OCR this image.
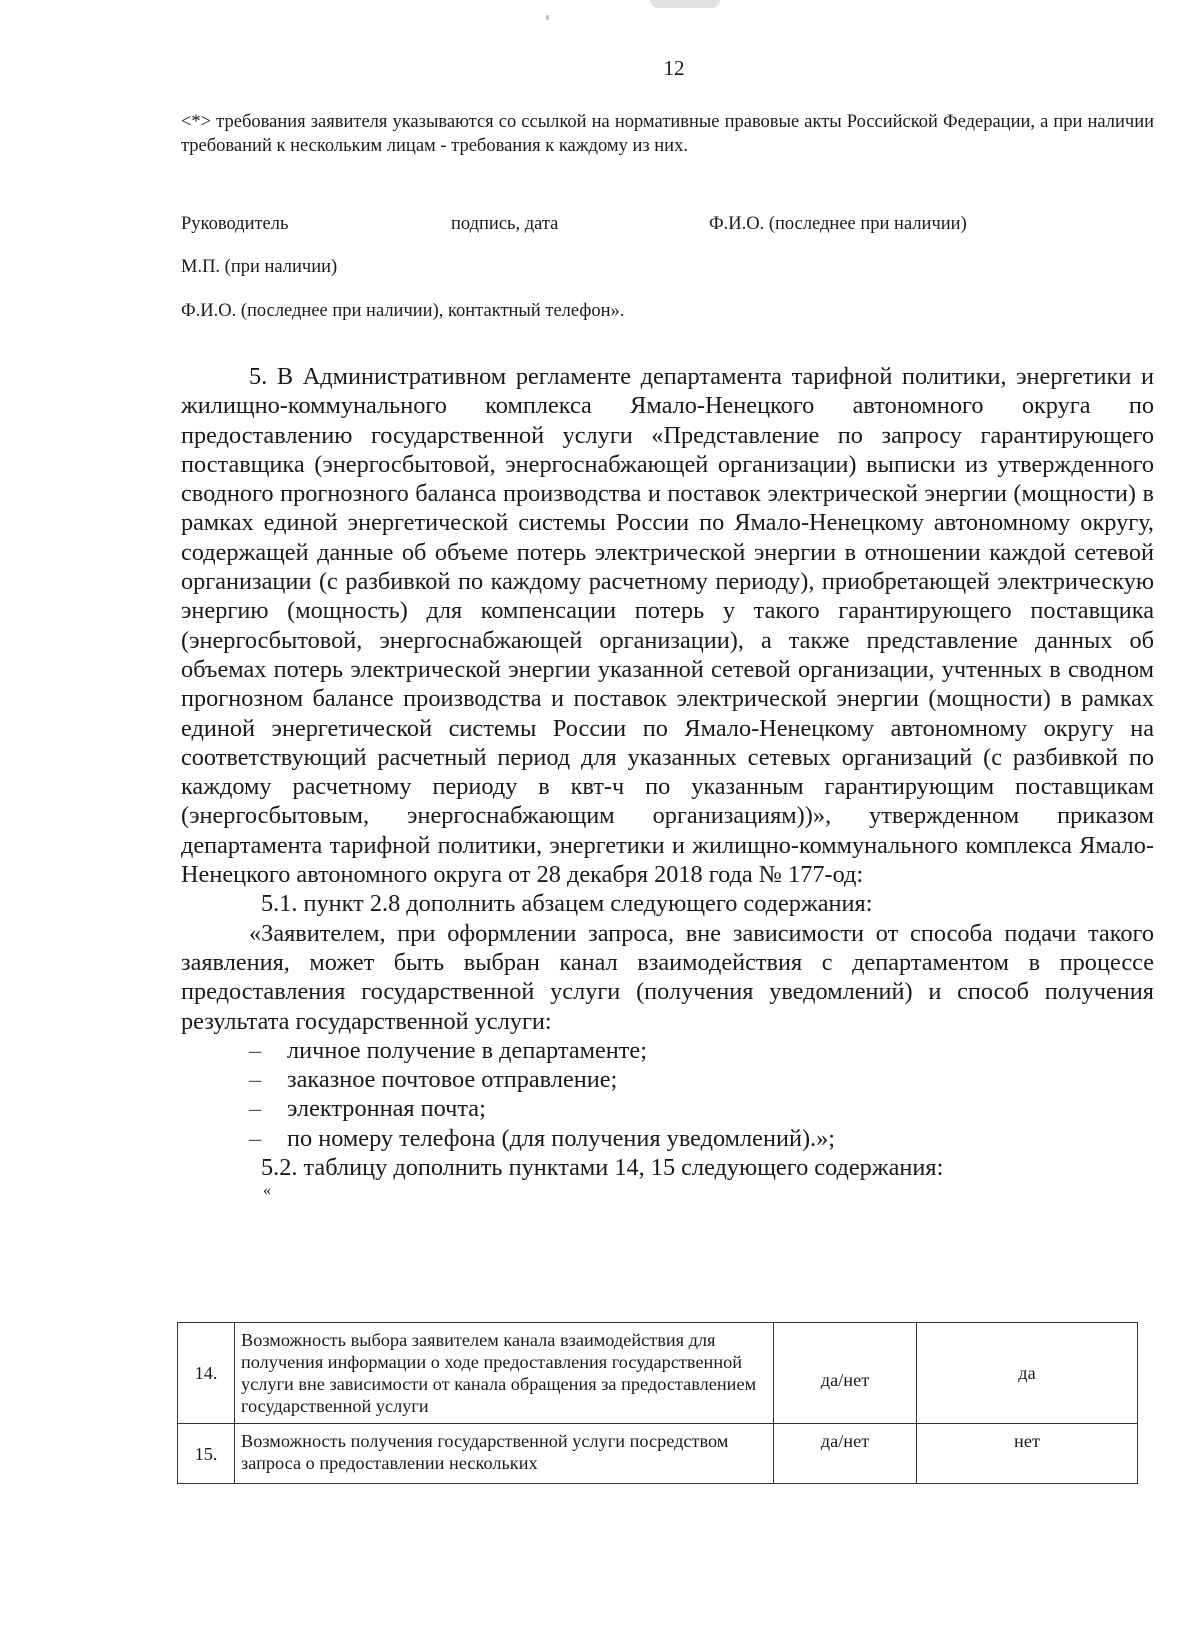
12
<*> требования заявителя указываются со ссылкой на нормативные правовые акты Российской Федерации, а при наличии требований к нескольким лицам - требования к каждому из них.
Руководитель	подпись, дата	Ф.И.О. (последнее при наличии)
М.П. (при наличии)
Ф.И.О. (последнее при наличии), контактный телефон».

5. В Административном регламенте департамента тарифной политики, энергетики и жилищно-коммунального комплекса Ямало-Ненецкого автономного округа по предоставлению государственной услуги «Представление по запросу гарантирующего поставщика (энергосбытовой, энергоснабжающей организации) выписки из утвержденного сводного прогнозного баланса производства и поставок электрической энергии (мощности) в рамках единой энергетической системы России по Ямало-Ненецкому автономному округу, содержащей данные об объеме потерь электрической энергии в отношении каждой сетевой организации (с разбивкой по каждому расчетному периоду), приобретающей электрическую энергию (мощность) для компенсации потерь у такого гарантирующего поставщика (энергосбытовой, энергоснабжающей организации), а также представление данных об объемах потерь электрической энергии указанной сетевой организации, учтенных в сводном прогнозном балансе производства и поставок электрической энергии (мощности) в рамках единой энергетической системы России по Ямало-Ненецкому автономному округу на соответствующий расчетный период для указанных сетевых организаций (с разбивкой по каждому расчетному периоду в квт-ч по указанным гарантирующим поставщикам (энергосбытовым, энергоснабжающим организациям))», утвержденном приказом департамента тарифной политики, энергетики и жилищно-коммунального комплекса Ямало-Ненецкого автономного округа от 28 декабря 2018 года № 177-од:

5.1. пункт 2.8 дополнить абзацем следующего содержания:

«Заявителем, при оформлении запроса, вне зависимости от способа подачи такого заявления, может быть выбран канал взаимодействия с департаментом в процессе предоставления государственной услуги (получения уведомлений) и способ получения результата государственной услуги:

– личное получение в департаменте;
– заказное почтовое отправление;
– электронная почта;
– по номеру телефона (для получения уведомлений).»;

5.2. таблицу дополнить пунктами 14, 15 следующего содержания:

«

14.	Возможность выбора заявителем канала взаимодействия для получения информации о ходе предоставления государственной услуги вне зависимости от канала обращения за предоставлением государственной услуги	да/нет	да
15.	Возможность получения государственной услуги посредством запроса о предоставлении нескольких	да/нет	нет
